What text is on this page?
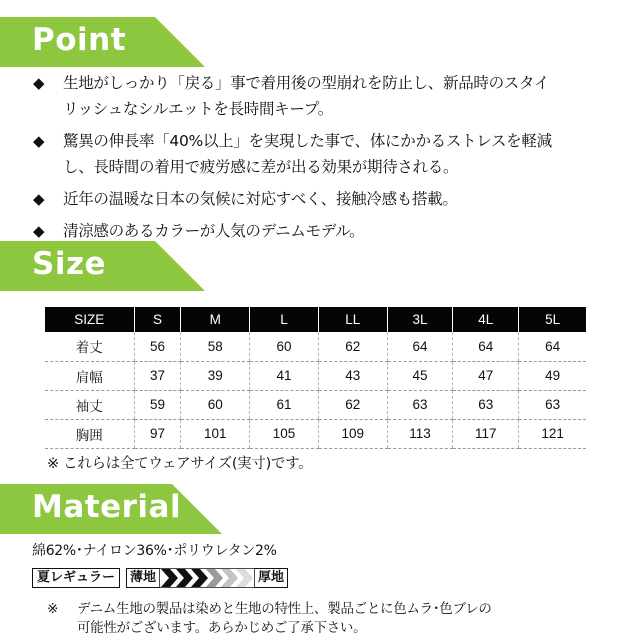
Point
◆ 生地がしっかり「戻る」事で着用後の型崩れを防止し、新品時のスタイ
リッシュなシルエットを長時間キープ。
◆ 驚異の伸長率「40%以上」を実現した事で、体にかかるストレスを軽減
し、長時間の着用で疲労感に差が出る効果が期待される。
◆ 近年の温暖な日本の気候に対応すべく、接触冷感も搭載。
◆ 清涼感のあるカラーが人気のデニムモデル。
Size
SIZE	S	M	L	LL	3L	4L	5L
着丈	56	58	60	62	64	64	64
肩幅	37	39	41	43	45	47	49
袖丈	59	60	61	62	63	63	63
胸囲	97	101	105	109	113	117	121
※ これらは全てウェアサイズ(実寸)です。
Material
綿62%･ナイロン36%･ポリウレタン2%
夏レギュラー	薄地	厚地
※	デニム生地の製品は染めと生地の特性上、製品ごとに色ムラ･色ブレの
可能性がございます。あらかじめご了承下さい。
